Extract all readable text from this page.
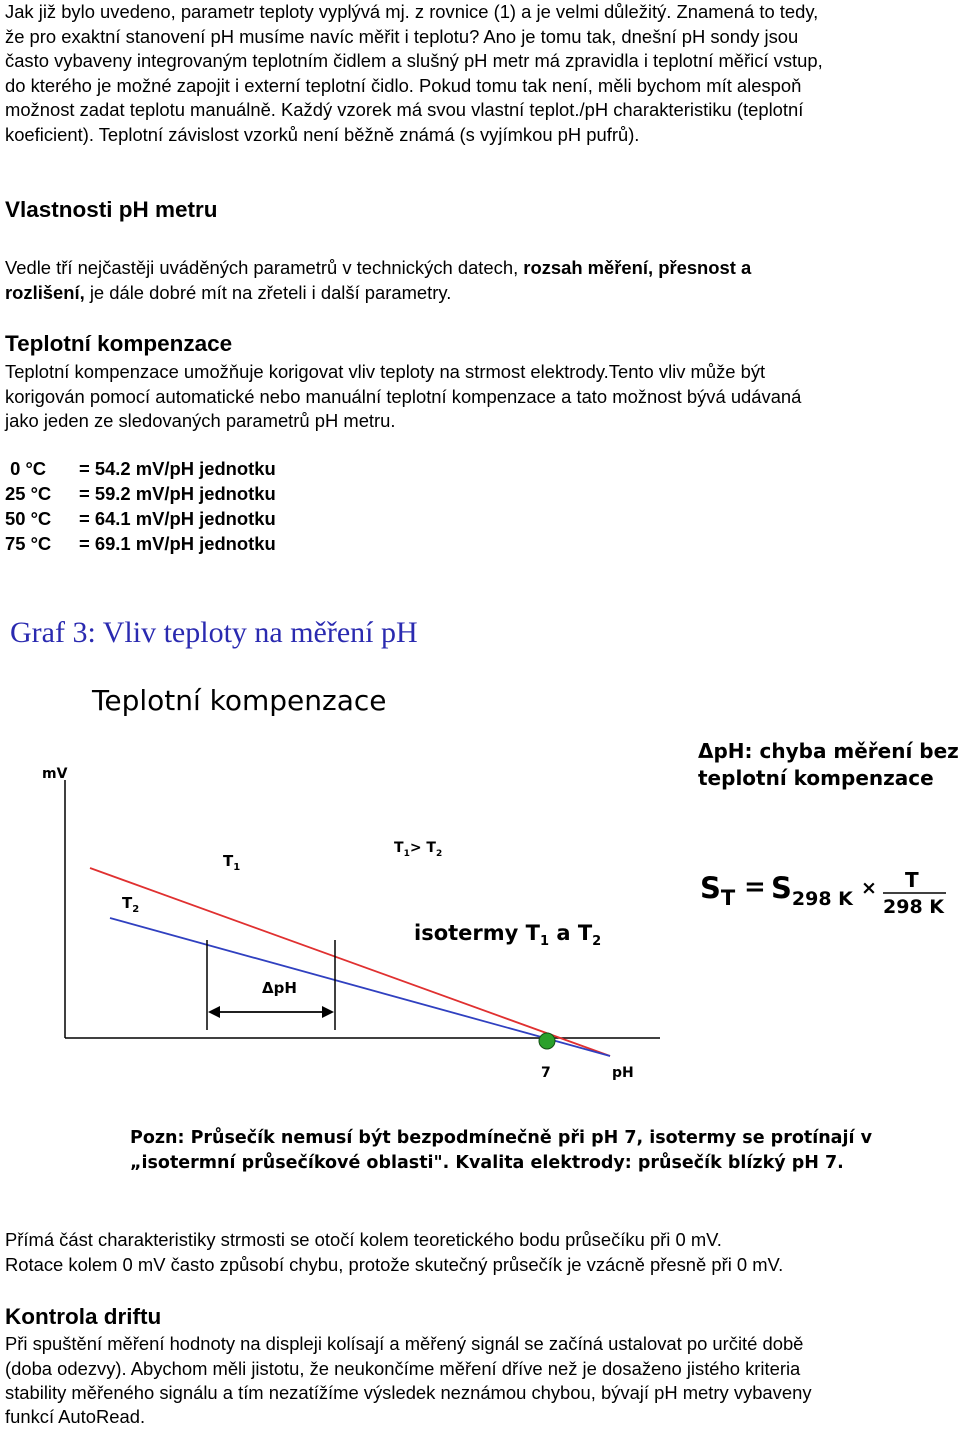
Jak již bylo uvedeno, parametr teploty vyplývá mj. z rovnice (1) a je velmi důležitý. Znamená to tedy,

že pro exaktní stanovení pH musíme navíc měřit i teplotu? Ano je tomu tak, dnešní pH sondy jsou

často vybaveny integrovaným teplotním čidlem a slušný pH metr má zpravidla i teplotní měřicí vstup,

do kterého je možné zapojit i externí teplotní čidlo. Pokud tomu tak není, měli bychom mít alespoň

možnost zadat teplotu manuálně. Každý vzorek má svou vlastní teplot./pH charakteristiku (teplotní

koeficient). Teplotní závislost vzorků není běžně známá (s vyjímkou pH pufrů).

Vlastnosti pH metru

Vedle tří nejčastěji uváděných parametrů v technických datech, rozsah měření, přesnost a

rozlišení, je dále dobré mít na zřeteli i další parametry.

Teplotní kompenzace

Teplotní kompenzace umožňuje korigovat vliv teploty na strmost elektrody.Tento vliv může být

korigován pomocí automatické nebo manuální teplotní kompenzace a tato možnost bývá udávaná

jako jeden ze sledovaných parametrů pH metru.

0 °C	= 54.2 mV/pH jednotku
25 °C	= 59.2 mV/pH jednotku
50 °C	= 64.1 mV/pH jednotku
75 °C	= 69.1 mV/pH jednotku
Graf 3: Vliv teploty na měření pH
Teplotní kompenzace
mV
pH
7
$T_1$
$T_2$
$T_1> T_2$
isotermy $T_1$ a $T_2$
ΔpH
ΔpH: chyba měření bez
teplotní kompenzace
$S_T = S_{298 K} \times T$
298 K
Pozn: Průsečík nemusí být bezpodmínečně při pH 7, isotermy se protínají v
„isotermní průsečíkové oblasti". Kvalita elektrody: průsečík blízký pH 7.

Přímá část charakteristiky strmosti se otočí kolem teoretického bodu průsečíku při 0 mV.

Rotace kolem 0 mV často způsobí chybu, protože skutečný průsečík je vzácně přesně při 0 mV.

Kontrola driftu

Při spuštění měření hodnoty na displeji kolísají a měřený signál se začíná ustalovat po určité době

(doba odezvy). Abychom měli jistotu, že neukončíme měření dříve než je dosaženo jistého kriteria

stability měřeného signálu a tím nezatížíme výsledek neznámou chybou, bývají pH metry vybaveny

funkcí AutoRead.
